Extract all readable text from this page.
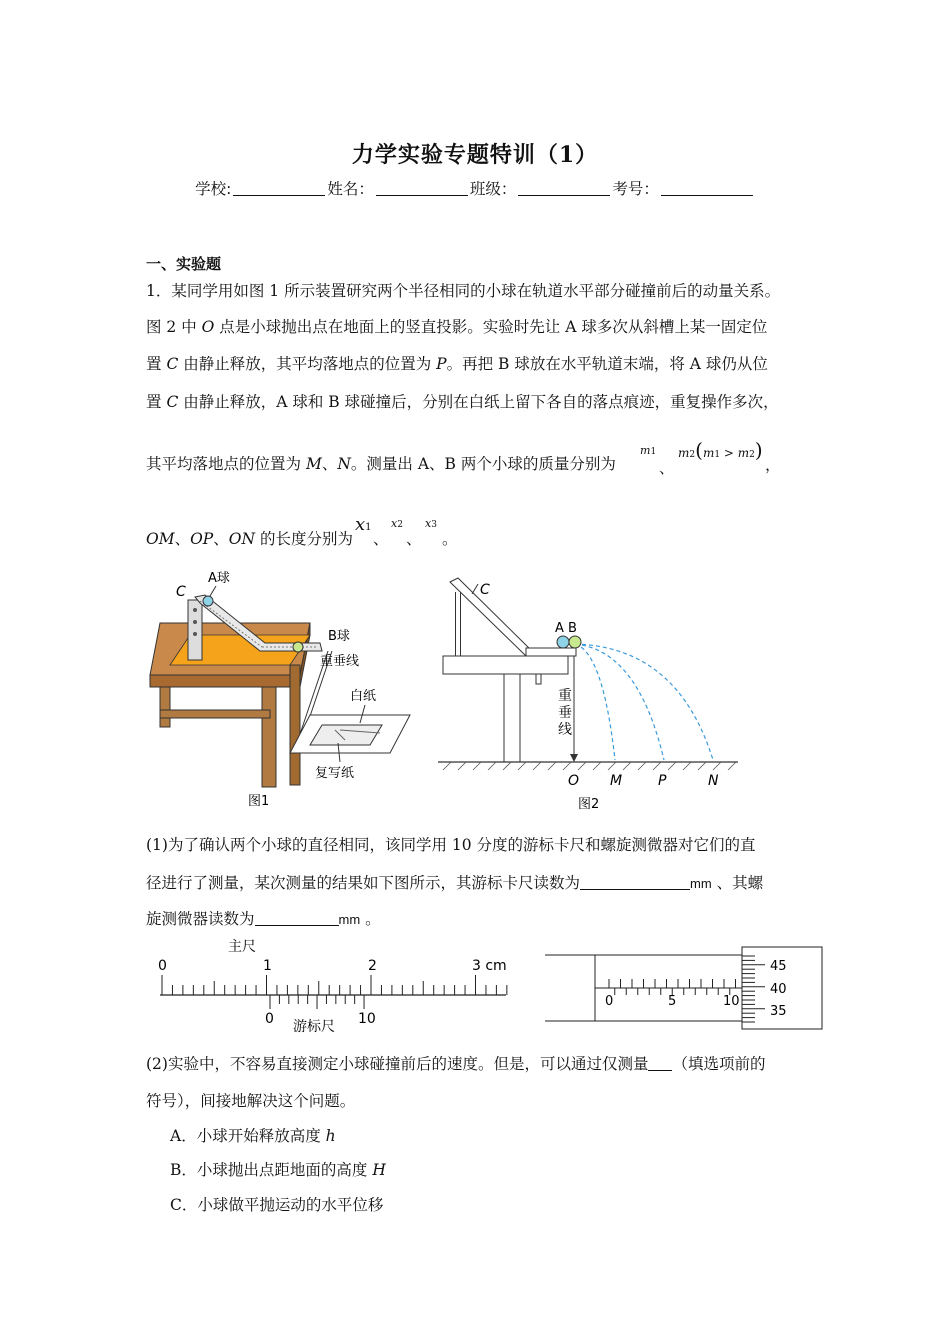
力学实验专题特训（1）
学校:	姓名：	班级：	考号：
一、实验题
1．某同学用如图 1 所示装置研究两个半径相同的小球在轨道水平部分碰撞前后的动量关系。
图 2 中 O 点是小球抛出点在地面上的竖直投影。实验时先让 A 球多次从斜槽上某一固定位
置 C 由静止释放，其平均落地点的位置为 P。再把 B 球放在水平轨道末端，将 A 球仍从位
置 C 由静止释放，A 球和 B 球碰撞后，分别在白纸上留下各自的落点痕迹，重复操作多次，
其平均落地点的位置为 M、N。测量出 A、B 两个小球的质量分别为
m1
、
m2(m1 > m2)
，
OM、OP、ON 的长度分别为
x1
、
x2
、
x3
。
C
A球
B球
重垂线
白纸
复写纸
图1
C
A B
重
垂
线
O M	P	N
图2
(1)为了确认两个小球的直径相同，该同学用 10 分度的游标卡尺和螺旋测微器对它们的直
径进行了测量，某次测量的结果如下图所示，其游标卡尺读数为	mm 、其螺
旋测微器读数为	mm 。
主尺
0	1	2	3 cm
0	10
游标尺
0	5	10
45
40
35
(2)实验中，不容易直接测定小球碰撞前后的速度。但是，可以通过仅测量 （填选项前的
符号），间接地解决这个问题。
A．小球开始释放高度 h
B．小球抛出点距地面的高度 H
C．小球做平抛运动的水平位移
